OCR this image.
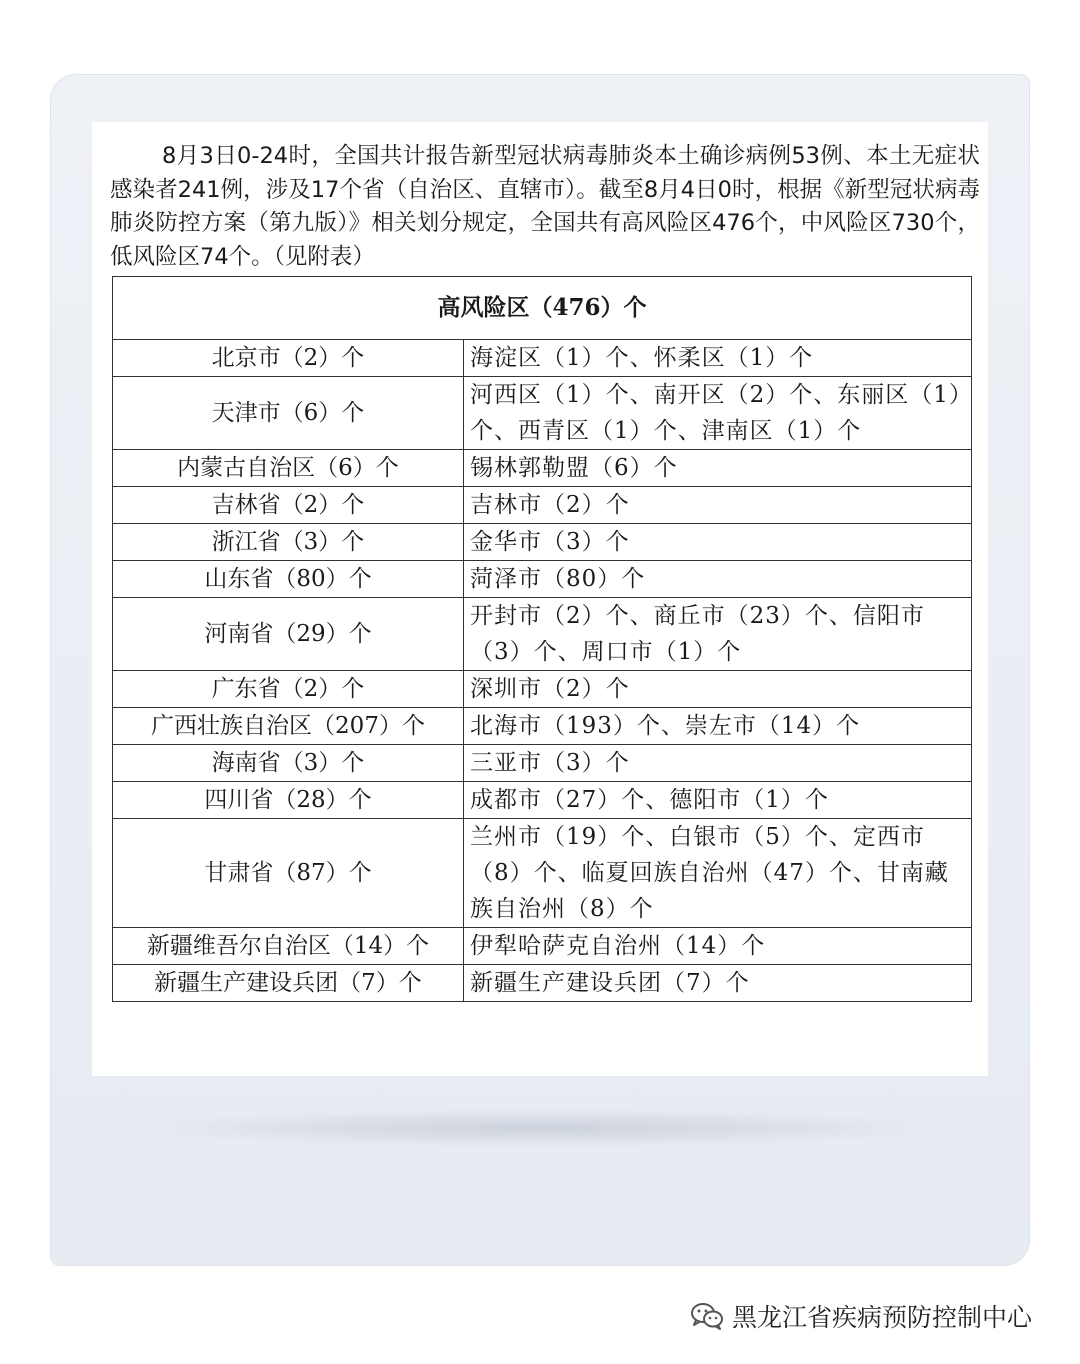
8月3日0-24时，全国共计报告新型冠状病毒肺炎本土确诊病例53例、本土无症状感染者241例，涉及17个省（自治区、直辖市）。截至8月4日0时，根据《新型冠状病毒肺炎防控方案（第九版）》相关划分规定，全国共有高风险区476个，中风险区730个，低风险区74个。（见附表）

高风险区（476）个	
北京市（2）个	海淀区（1）个、怀柔区（1）个
天津市（6）个	河西区（1）个、南开区（2）个、东丽区（1）个、西青区（1）个、津南区（1）个
内蒙古自治区（6）个	锡林郭勒盟（6）个
吉林省（2）个	吉林市（2）个
浙江省（3）个	金华市（3）个
山东省（80）个	菏泽市（80）个
河南省（29）个	开封市（2）个、商丘市（23）个、信阳市（3）个、周口市（1）个
广东省（2）个	深圳市（2）个
广西壮族自治区（207）个	北海市（193）个、崇左市（14）个
海南省（3）个	三亚市（3）个
四川省（28）个	成都市（27）个、德阳市（1）个
甘肃省（87）个	兰州市（19）个、白银市（5）个、定西市（8）个、临夏回族自治州（47）个、甘南藏族自治州（8）个
新疆维吾尔自治区（14）个	伊犁哈萨克自治州（14）个
新疆生产建设兵团（7）个	新疆生产建设兵团（7）个
黑龙江省疾病预防控制中心
